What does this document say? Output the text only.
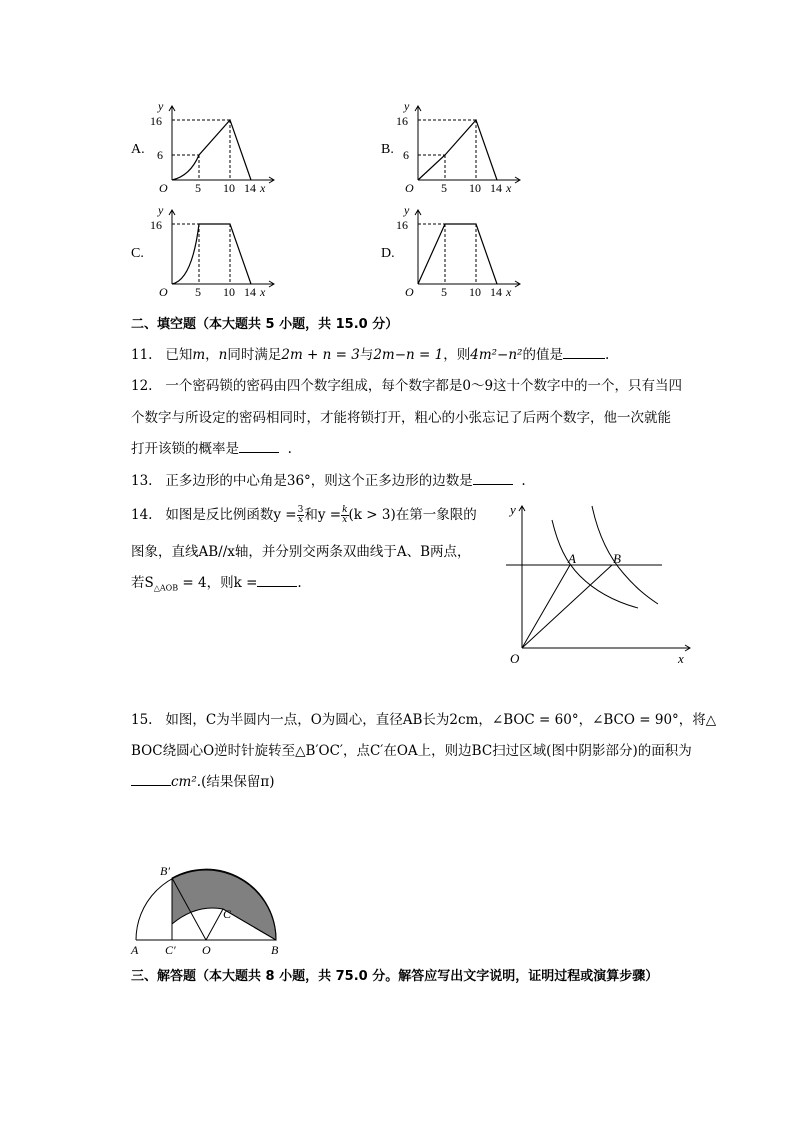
A.
y
16
6
O 5 10 14 x
B.
y
16
6
O 5 10 14 x
C.
y
16
O 5 10 14 x
D.
y
16
O 5 10 14 x
二、填空题（本大题共 5 小题，共 15.0 分）
11. 已知m，n同时满足2m + n = 3与2m−n = 1，则4m²−n²的值是	.
12. 一个密码锁的密码由四个数字组成，每个数字都是0～9这十个数字中的一个，只有当四
个数字与所设定的密码相同时，才能将锁打开，粗心的小张忘记了后两个数字，他一次就能
打开该锁的概率是	.
13. 正多边形的中心角是36°，则这个正多边形的边数是	.
14. 如图是反比例函数$y = \frac{3}{x}$ 和$y = \frac{k}{x} (k > 3)$在第一象限的
图象，直线AB//x轴，并分别交两条双曲线于A、B两点，
若$S_{\triangle AOB} = 4$，则k =	.
y
x
O
A	B
15. 如图，C为半圆内一点，O为圆心，直径AB长为2cm，∠BOC = 60°，∠BCO = 90°，将△
BOC绕圆心O逆时针旋转至△B′OC′，点C′在OA上，则边BC扫过区域(图中阴影部分)的面积为
cm².(结果保留π)
B′
C
A C′ O	B
三、解答题（本大题共 8 小题，共 75.0 分。解答应写出文字说明，证明过程或演算步骤）
